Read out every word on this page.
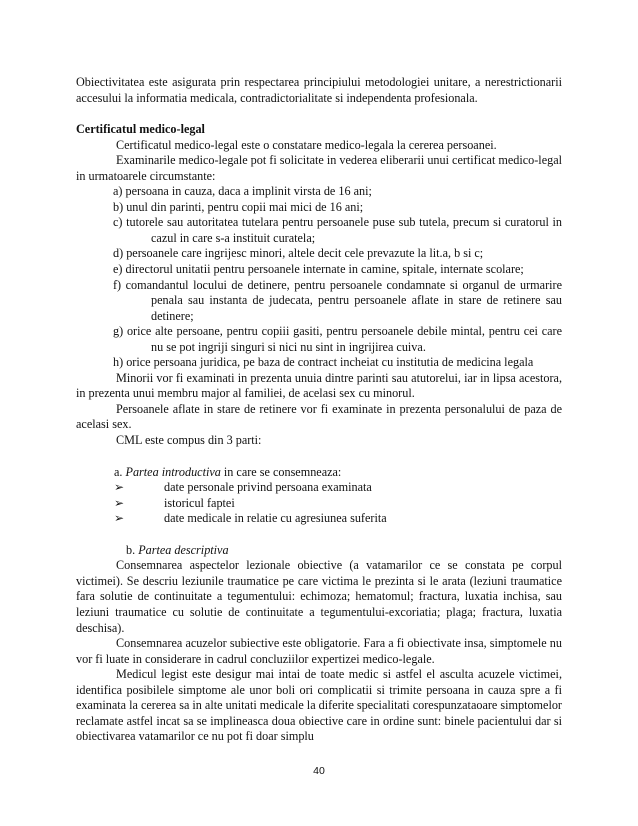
Obiectivitatea este asigurata prin respectarea principiului metodologiei unitare, a nerestrictionarii accesului la informatia medicala, contradictorialitate si independenta profesionala.

Certificatul medico-legal

Certificatul medico-legal este o constatare medico-legala la cererea persoanei.

Examinarile medico-legale pot fi solicitate in vederea eliberarii unui certificat medico-legal in urmatoarele circumstante:

a) persoana in cauza, daca a implinit virsta de 16 ani;

b) unul din parinti, pentru copii mai mici de 16 ani;

c) tutorele sau autoritatea tutelara pentru persoanele puse sub tutela, precum si curatorul in cazul in care s-a instituit curatela;

d) persoanele care ingrijesc minori, altele decit cele prevazute la lit.a, b si c;

e) directorul unitatii pentru persoanele internate in camine, spitale, internate scolare;

f) comandantul locului de detinere, pentru persoanele condamnate si organul de urmarire penala sau instanta de judecata, pentru persoanele aflate in stare de retinere sau detinere;

g) orice alte persoane, pentru copiii gasiti, pentru persoanele debile mintal, pentru cei care nu se pot ingriji singuri si nici nu sint in ingrijirea cuiva.

h) orice persoana juridica, pe baza de contract incheiat cu institutia de medicina legala

Minorii vor fi examinati in prezenta unuia dintre parinti sau atutorelui, iar in lipsa acestora, in prezenta unui membru major al familiei, de acelasi sex cu minorul.

Persoanele aflate in stare de retinere vor fi examinate in prezenta personalului de paza de acelasi sex.

CML este compus din 3 parti:

a. Partea introductiva in care se consemneaza:

➢	date personale privind persoana examinata

➢	istoricul faptei

➢	date medicale in relatie cu agresiunea suferita

b. Partea descriptiva

Consemnarea aspectelor lezionale obiective (a vatamarilor ce se constata pe corpul victimei). Se descriu leziunile traumatice pe care victima le prezinta si le arata (leziuni traumatice fara solutie de continuitate a tegumentului: echimoza; hematomul; fractura, luxatia inchisa, sau leziuni traumatice cu solutie de continuitate a tegumentului-excoriatia; plaga; fractura, luxatia deschisa).

Consemnarea acuzelor subiective este obligatorie. Fara a fi obiectivate insa, simptomele nu vor fi luate in considerare in cadrul concluziilor expertizei medico-legale.

Medicul legist este desigur mai intai de toate medic si astfel el asculta acuzele victimei, identifica posibilele simptome ale unor boli ori complicatii si trimite persoana in cauza spre a fi examinata la cererea sa in alte unitati medicale la diferite specialitati corespunzataoare simptomelor reclamate astfel incat sa se implineasca doua obiective care in ordine sunt: binele pacientului dar si obiectivarea vatamarilor ce nu pot fi doar simplu

40
